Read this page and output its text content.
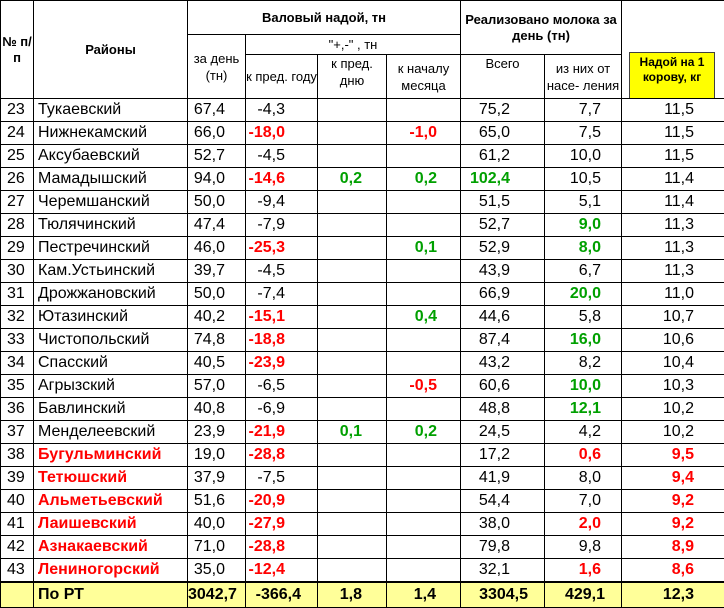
№ п/п	Районы	Валовый надой, тн				Реализовано молока за день (тн)		Надой на 1 корову, кг

		за день (тн)	"+,-" , тн					
			к пред. году	к пред. дню	к началу месяца	Всего	из них от насе- ления	
23	Тукаевский	67,4	-4,3			75,2	7,7	11,5
24	Нижнекамский	66,0	-18,0		-1,0	65,0	7,5	11,5
25	Аксубаевский	52,7	-4,5			61,2	10,0	11,5
26	Мамадышский	94,0	-14,6	0,2	0,2	102,4	10,5	11,4
27	Черемшанский	50,0	-9,4			51,5	5,1	11,4
28	Тюлячинский	47,4	-7,9			52,7	9,0	11,3
29	Пестречинский	46,0	-25,3		0,1	52,9	8,0	11,3
30	Кам.Устьинский	39,7	-4,5			43,9	6,7	11,3
31	Дрожжановский	50,0	-7,4			66,9	20,0	11,0
32	Ютазинский	40,2	-15,1		0,4	44,6	5,8	10,7
33	Чистопольский	74,8	-18,8			87,4	16,0	10,6
34	Спасский	40,5	-23,9			43,2	8,2	10,4
35	Агрызский	57,0	-6,5		-0,5	60,6	10,0	10,3
36	Бавлинский	40,8	-6,9			48,8	12,1	10,2
37	Менделеевский	23,9	-21,9	0,1	0,2	24,5	4,2	10,2
38	Бугульминский	19,0	-28,8			17,2	0,6	9,5
39	Тетюшский	37,9	-7,5			41,9	8,0	9,4
40	Альметьевский	51,6	-20,9			54,4	7,0	9,2
41	Лаишевский	40,0	-27,9			38,0	2,0	9,2
42	Азнакаевский	71,0	-28,8			79,8	9,8	8,9
43	Лениногорский	35,0	-12,4			32,1	1,6	8,6
	По РТ	3042,7	-366,4	1,8	1,4	3304,5	429,1	12,3
